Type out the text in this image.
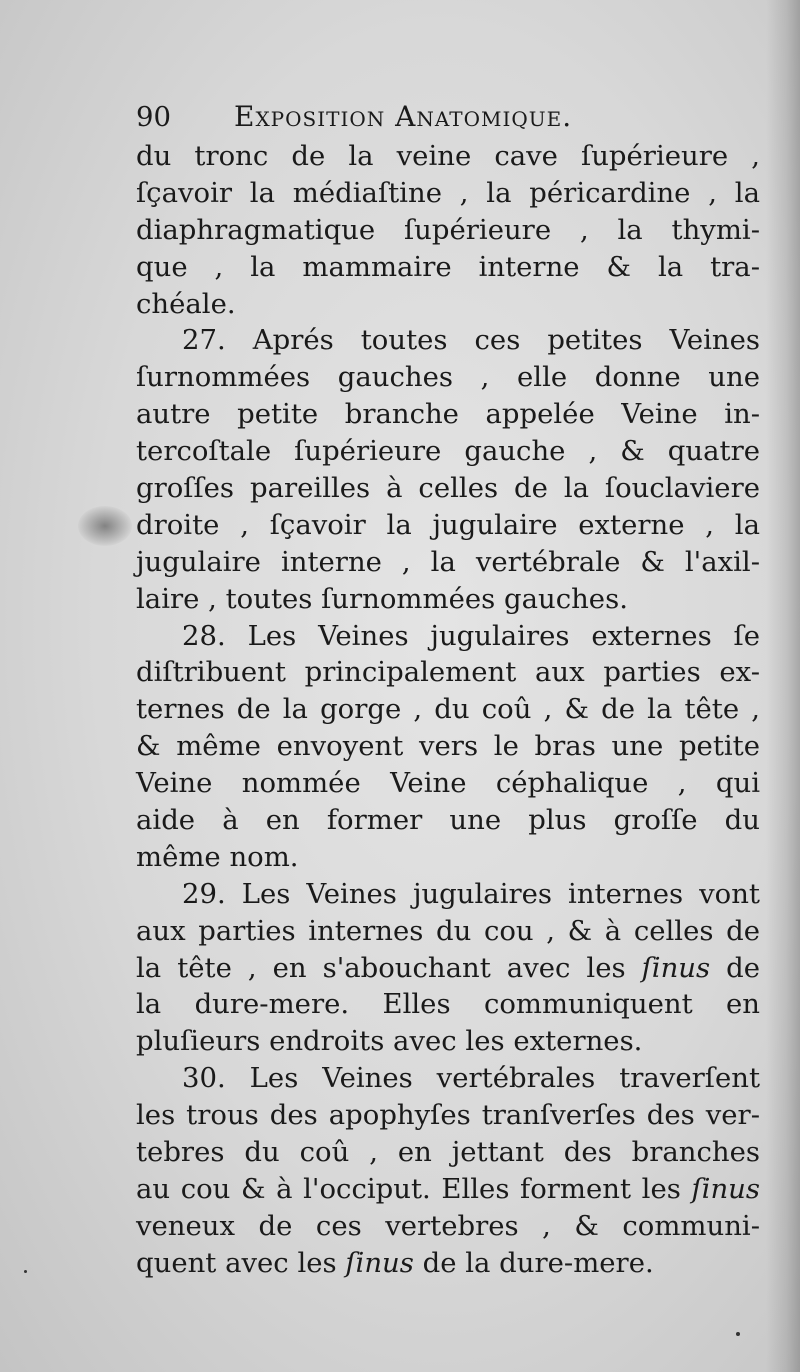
90 Exposition Anatomique.
du tronc de la veine cave ſupérieure ,
ſçavoir la médiaſtine , la péricardine , la
diaphragmatique ſupérieure , la thymi-
que , la mammaire interne & la tra-
chéale.
27. Aprés toutes ces petites Veines
ſurnommées gauches , elle donne une
autre petite branche appelée Veine in-
tercoſtale ſupérieure gauche , & quatre
groſſes pareilles à celles de la ſouclaviere
droite , ſçavoir la jugulaire externe , la
jugulaire interne , la vertébrale & l'axil-
laire , toutes ſurnommées gauches.
28. Les Veines jugulaires externes ſe
diſtribuent principalement aux parties ex-
ternes de la gorge , du coû , & de la tête ,
& même envoyent vers le bras une petite
Veine nommée Veine céphalique , qui
aide à en former une plus groſſe du
même nom.
29. Les Veines jugulaires internes vont
aux parties internes du cou , & à celles de
la tête , en s'abouchant avec les ſinus de
la dure-mere. Elles communiquent en
pluſieurs endroits avec les externes.
30. Les Veines vertébrales traverſent
les trous des apophyſes tranſverſes des ver-
tebres du coû , en jettant des branches
au cou & à l'occiput. Elles forment les ſinus
veneux de ces vertebres , & communi-
quent avec les ſinus de la dure-mere.
